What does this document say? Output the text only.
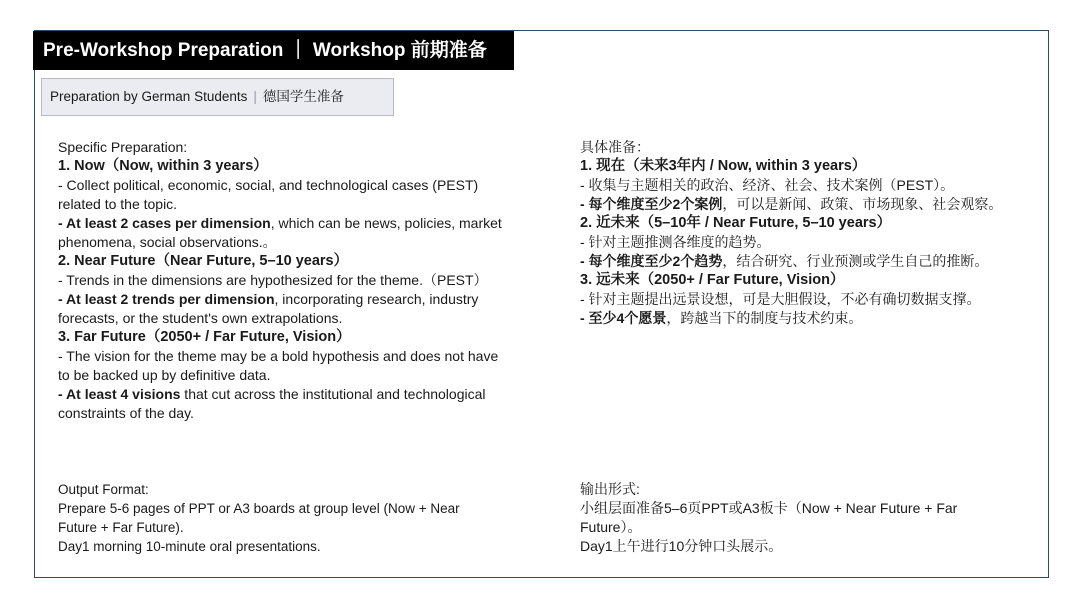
Pre-Workshop Preparation ｜ Workshop 前期准备
Preparation by German Students | 德国学生准备
Specific Preparation:
1. Now（Now, within 3 years）
- Collect political, economic, social, and technological cases (PEST) related to the topic.
- At least 2 cases per dimension, which can be news, policies, market phenomena, social observations.。
2. Near Future（Near Future, 5–10 years）
- Trends in the dimensions are hypothesized for the theme.（PEST）
- At least 2 trends per dimension, incorporating research, industry forecasts, or the student's own extrapolations.
3. Far Future（2050+ / Far Future, Vision）
- The vision for the theme may be a bold hypothesis and does not have to be backed up by definitive data.
- At least 4 visions that cut across the institutional and technological constraints of the day.
具体准备：
1. 现在（未来3年内 / Now, within 3 years）
- 收集与主题相关的政治、经济、社会、技术案例（PEST）。
- 每个维度至少2个案例，可以是新闻、政策、市场现象、社会观察。
2. 近未来（5–10年 / Near Future, 5–10 years）
- 针对主题推测各维度的趋势。
- 每个维度至少2个趋势，结合研究、行业预测或学生自己的推断。
3. 远未来（2050+ / Far Future, Vision）
- 针对主题提出远景设想，可是大胆假设，不必有确切数据支撑。
- 至少4个愿景，跨越当下的制度与技术约束。
Output Format:
Prepare 5-6 pages of PPT or A3 boards at group level (Now + Near Future + Far Future).
Day1 morning 10-minute oral presentations.
输出形式:
小组层面准备5–6页PPT或A3板卡（Now + Near Future + Far Future）。
Day1上午进行10分钟口头展示。
